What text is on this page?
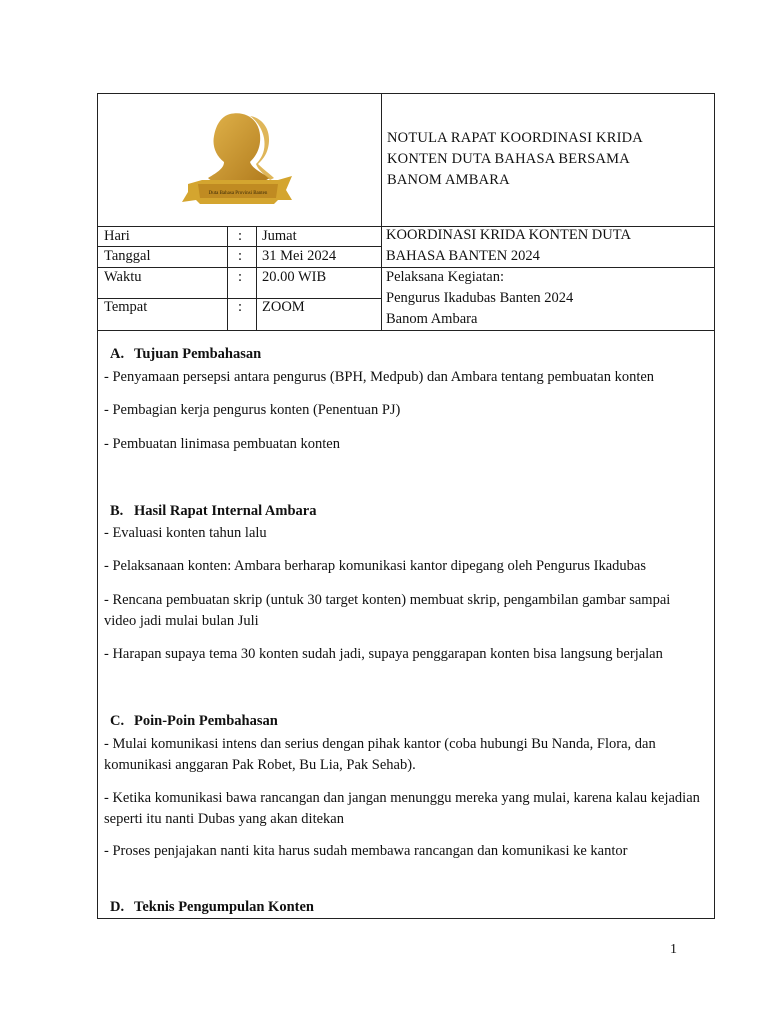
Duta Bahasa Provinsi Banten
NOTULA RAPAT KOORDINASI KRIDA KONTEN DUTA BAHASA BERSAMA BANOM AMBARA
Hari	: Jumat
Tanggal	: 31 Mei 2024
Waktu	: 20.00 WIB
Tempat	: ZOOM
KOORDINASI KRIDA KONTEN DUTA BAHASA BANTEN 2024
Pelaksana Kegiatan:
Pengurus Ikadubas Banten 2024
Banom Ambara
A. Tujuan Pembahasan
- Penyamaan persepsi antara pengurus (BPH, Medpub) dan Ambara tentang pembuatan konten
- Pembagian kerja pengurus konten (Penentuan PJ)
- Pembuatan linimasa pembuatan konten
B. Hasil Rapat Internal Ambara
- Evaluasi konten tahun lalu
- Pelaksanaan konten: Ambara berharap komunikasi kantor dipegang oleh Pengurus Ikadubas
- Rencana pembuatan skrip (untuk 30 target konten) membuat skrip, pengambilan gambar sampai video jadi mulai bulan Juli
- Harapan supaya tema 30 konten sudah jadi, supaya penggarapan konten bisa langsung berjalan
C. Poin-Poin Pembahasan
- Mulai komunikasi intens dan serius dengan pihak kantor (coba hubungi Bu Nanda, Flora, dan komunikasi anggaran Pak Robet, Bu Lia, Pak Sehab).
- Ketika komunikasi bawa rancangan dan jangan menunggu mereka yang mulai, karena kalau kejadian seperti itu nanti Dubas yang akan ditekan
- Proses penjajakan nanti kita harus sudah membawa rancangan dan komunikasi ke kantor
D. Teknis Pengumpulan Konten
1
